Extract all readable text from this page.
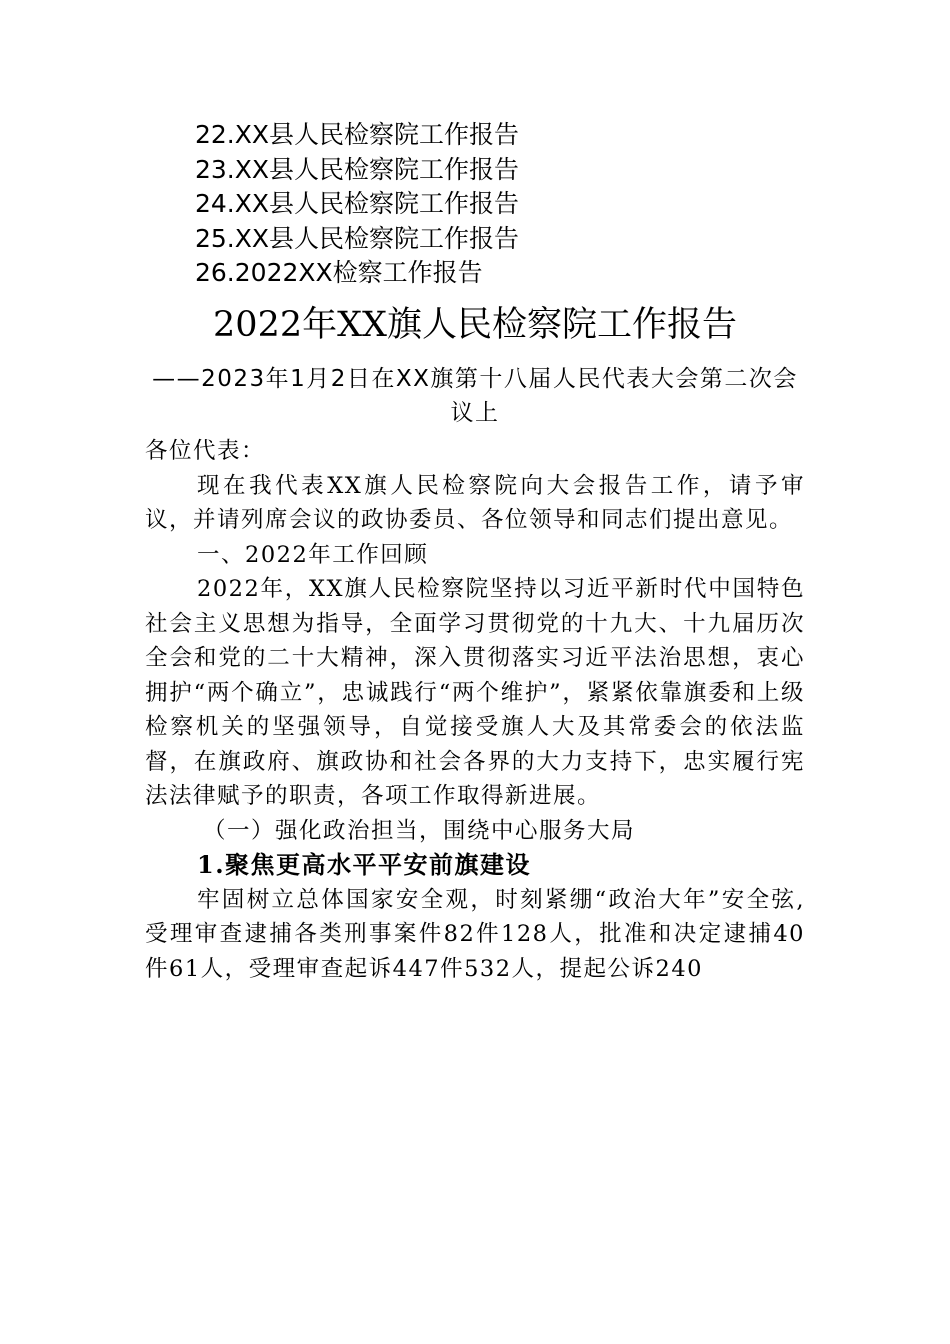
22.XX县人民检察院工作报告

23.XX县人民检察院工作报告

24.XX县人民检察院工作报告

25.XX县人民检察院工作报告

26.2022XX检察工作报告

2022年XX旗人民检察院工作报告
——2023年1月2日在XX旗第十八届人民代表大会第二次会议上

各位代表：

现在我代表XX旗人民检察院向大会报告工作，请予审议，并请列席会议的政协委员、各位领导和同志们提出意见。

一、2022年工作回顾

2022年，XX旗人民检察院坚持以习近平新时代中国特色社会主义思想为指导，全面学习贯彻党的十九大、十九届历次全会和党的二十大精神，深入贯彻落实习近平法治思想，衷心拥护“两个确立”，忠诚践行“两个维护”，紧紧依靠旗委和上级检察机关的坚强领导，自觉接受旗人大及其常委会的依法监督，在旗政府、旗政协和社会各界的大力支持下，忠实履行宪法法律赋予的职责，各项工作取得新进展。

（一）强化政治担当，围绕中心服务大局

1.聚焦更高水平平安前旗建设

牢固树立总体国家安全观，时刻紧绷“政治大年”安全弦,受理审查逮捕各类刑事案件82件128人，批准和决定逮捕40件61人，受理审查起诉447件532人，提起公诉240
